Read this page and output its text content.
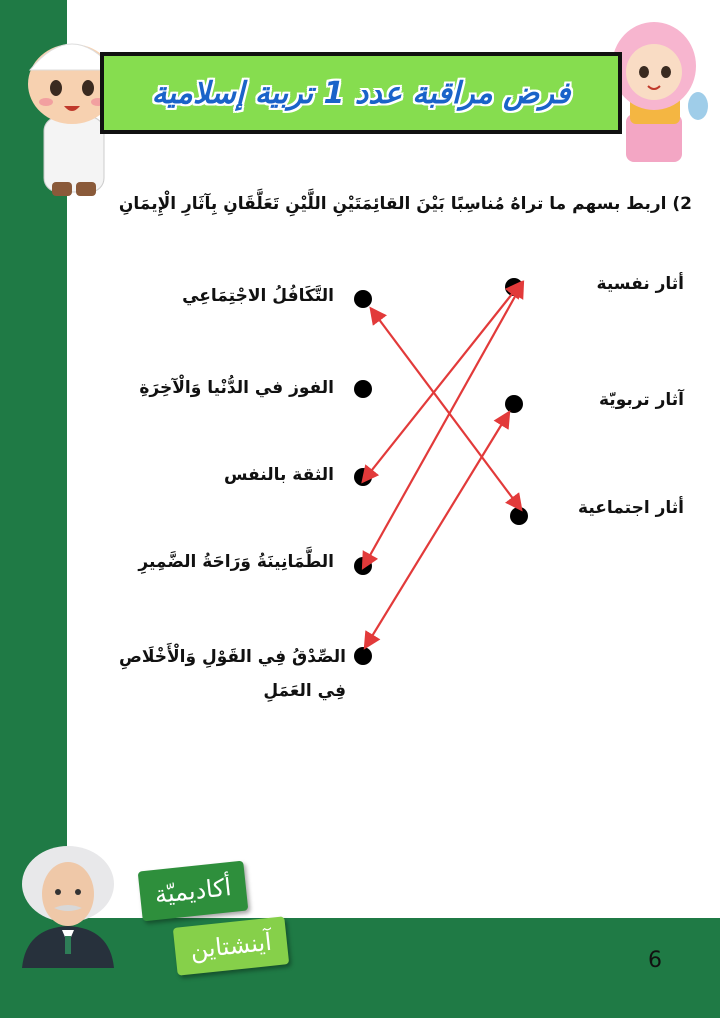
فرض مراقبة عدد 1 تربية إسلامية
2) اربط بسهم ما تراهُ مُناسِبًا بَيْنَ القائِمَتَيْنِ اللَّيْنِ تَعَلَّقَانِ بِآثَارِ الْإِيمَانِ
التَّكَافُلُ الاجْتِمَاعِي
الفوز في الدُّنْيا وَالْآخِرَةِ
الثقة بالنفس
الطَّمَانِينَةُ وَرَاحَةُ الضَّمِيرِ
الصِّدْقُ فِي القَوْلِ وَالْأَخْلَاصِ فِي العَمَلِ
أثار نفسية
آثار تربويّة
أثار اجتماعية
أكاديميّة
آينشتاين	6
